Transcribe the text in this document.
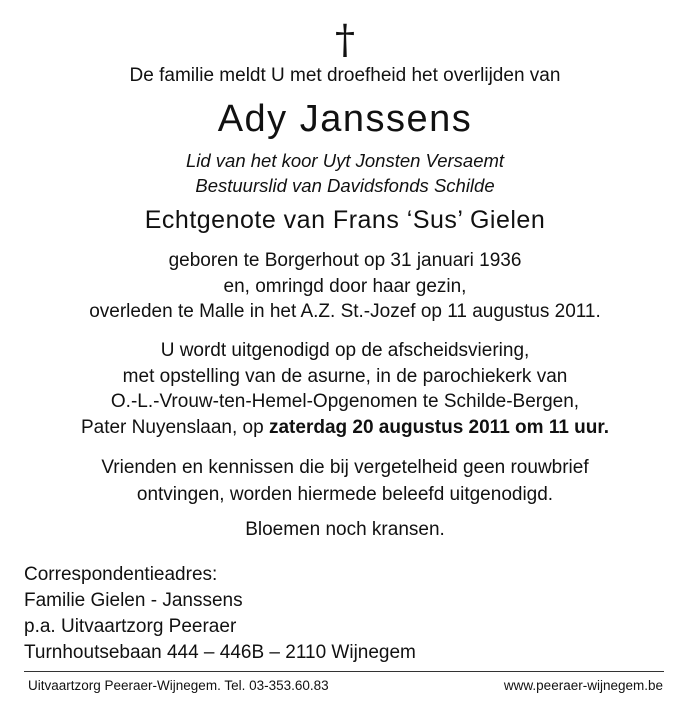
†
De familie meldt U met droefheid het overlijden van
Ady Janssens
Lid van het koor Uyt Jonsten Versaemt
Bestuurslid van Davidsfonds Schilde
Echtgenote van Frans ‘Sus’ Gielen
geboren te Borgerhout op 31 januari 1936
en, omringd door haar gezin,
overleden te Malle in het A.Z. St.-Jozef op 11 augustus 2011.
U wordt uitgenodigd op de afscheidsviering,
met opstelling van de asurne, in de parochiekerk van
O.-L.-Vrouw-ten-Hemel-Opgenomen te Schilde-Bergen,
Pater Nuyenslaan, op zaterdag 20 augustus 2011 om 11 uur.
Vrienden en kennissen die bij vergetelheid geen rouwbrief
ontvingen, worden hiermede beleefd uitgenodigd.
Bloemen noch kransen.
Correspondentieadres:
Familie Gielen - Janssens
p.a. Uitvaartzorg Peeraer
Turnhoutsebaan 444 – 446B – 2110 Wijnegem
Uitvaartzorg Peeraer-Wijnegem. Tel. 03-353.60.83	www.peeraer-wijnegem.be
